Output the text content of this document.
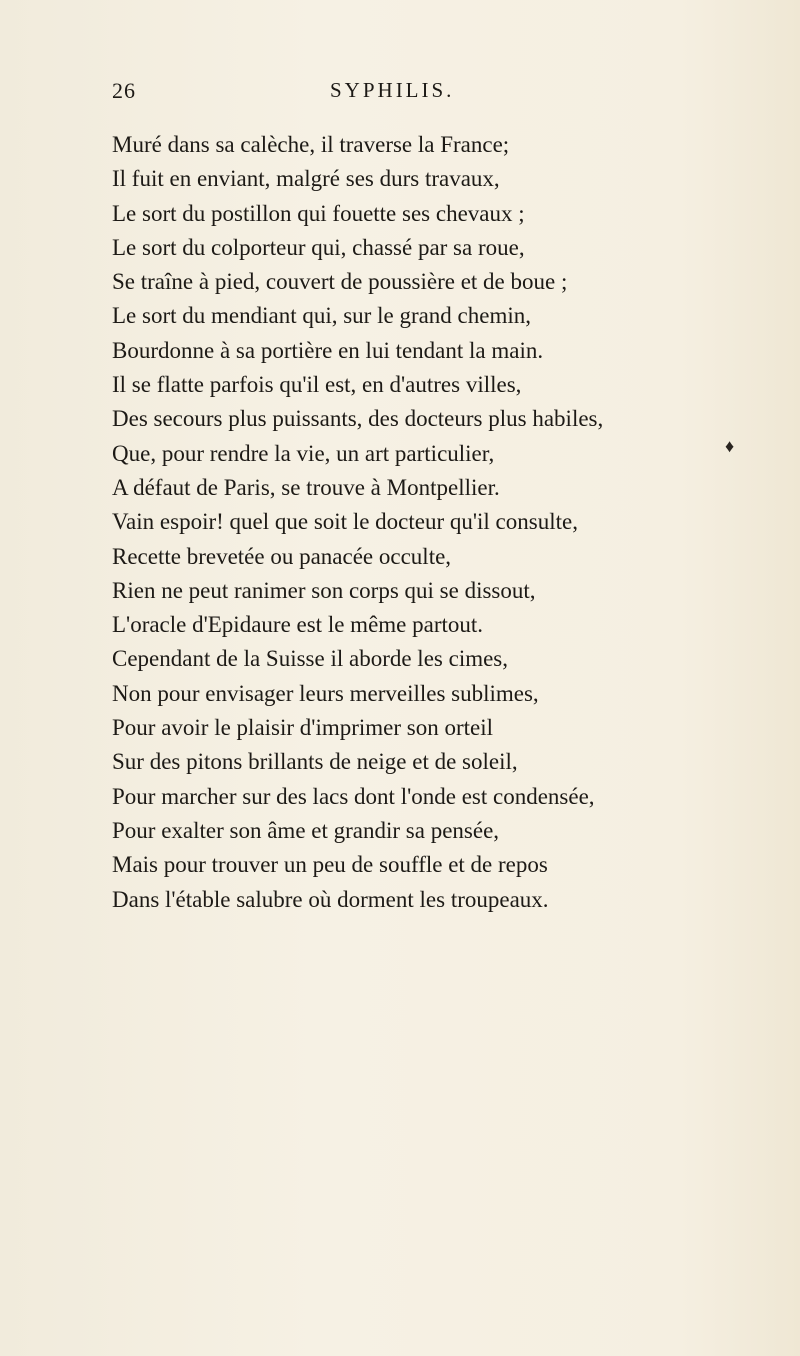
26	SYPHILIS.
Muré dans sa calèche, il traverse la France;
Il fuit en enviant, malgré ses durs travaux,
Le sort du postillon qui fouette ses chevaux ;
Le sort du colporteur qui, chassé par sa roue,
Se traîne à pied, couvert de poussière et de boue ;
Le sort du mendiant qui, sur le grand chemin,
Bourdonne à sa portière en lui tendant la main.
Il se flatte parfois qu'il est, en d'autres villes,
Des secours plus puissants, des docteurs plus habiles,
Que, pour rendre la vie, un art particulier,
A défaut de Paris, se trouve à Montpellier.
Vain espoir! quel que soit le docteur qu'il consulte,
Recette brevetée ou panacée occulte,
Rien ne peut ranimer son corps qui se dissout,
L'oracle d'Epidaure est le même partout.
Cependant de la Suisse il aborde les cimes,
Non pour envisager leurs merveilles sublimes,
Pour avoir le plaisir d'imprimer son orteil
Sur des pitons brillants de neige et de soleil,
Pour marcher sur des lacs dont l'onde est condensée,
Pour exalter son âme et grandir sa pensée,
Mais pour trouver un peu de souffle et de repos
Dans l'étable salubre où dorment les troupeaux.
♦
